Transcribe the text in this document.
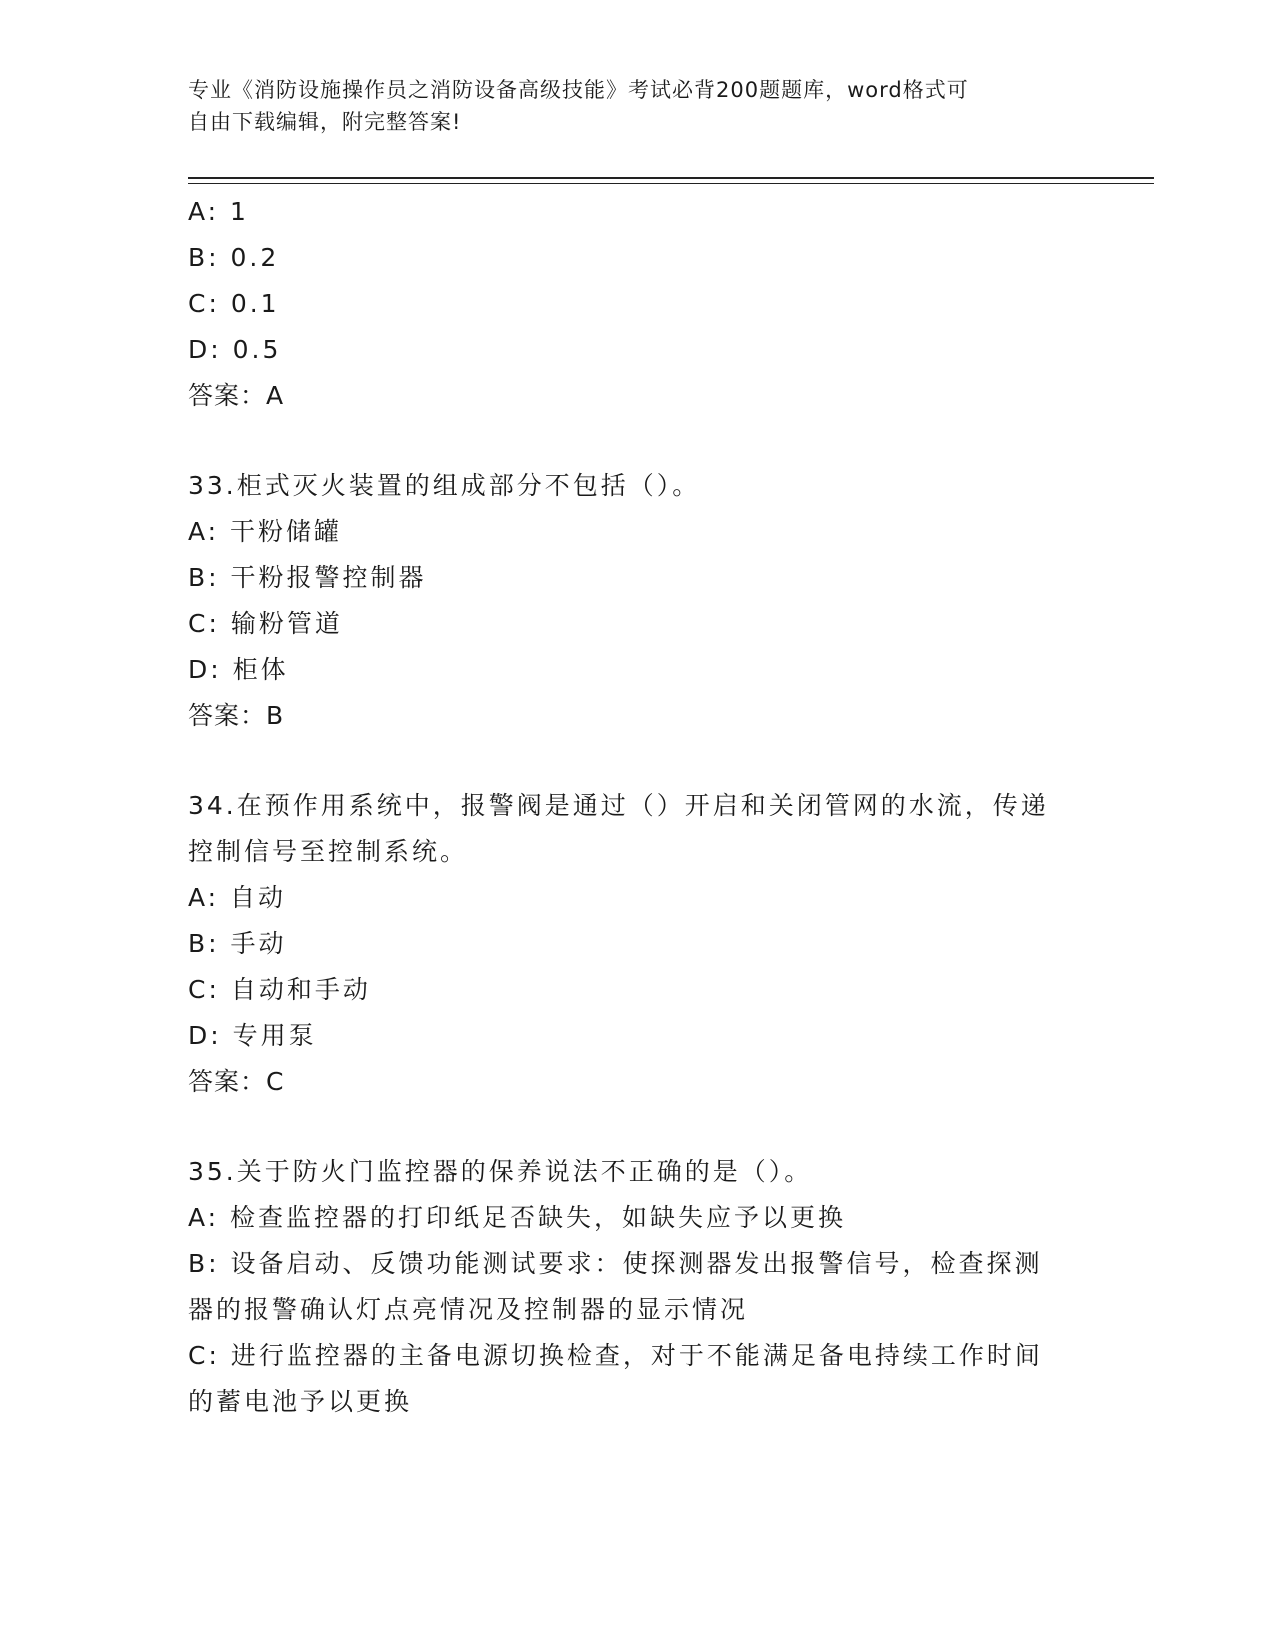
专业《消防设施操作员之消防设备高级技能》考试必背200题题库，word格式可
自由下载编辑，附完整答案!
A: 1
B: 0.2
C: 0.1
D: 0.5
答案：A
33.柜式灭火装置的组成部分不包括（）。
A: 干粉储罐
B: 干粉报警控制器
C: 输粉管道
D: 柜体
答案：B
34.在预作用系统中，报警阀是通过（）开启和关闭管网的水流，传递
控制信号至控制系统。
A: 自动
B: 手动
C: 自动和手动
D: 专用泵
答案：C
35.关于防火门监控器的保养说法不正确的是（）。
A: 检查监控器的打印纸足否缺失，如缺失应予以更换
B: 设备启动、反馈功能测试要求：使探测器发出报警信号，检查探测
器的报警确认灯点亮情况及控制器的显示情况
C: 进行监控器的主备电源切换检查，对于不能满足备电持续工作时间
的蓄电池予以更换
